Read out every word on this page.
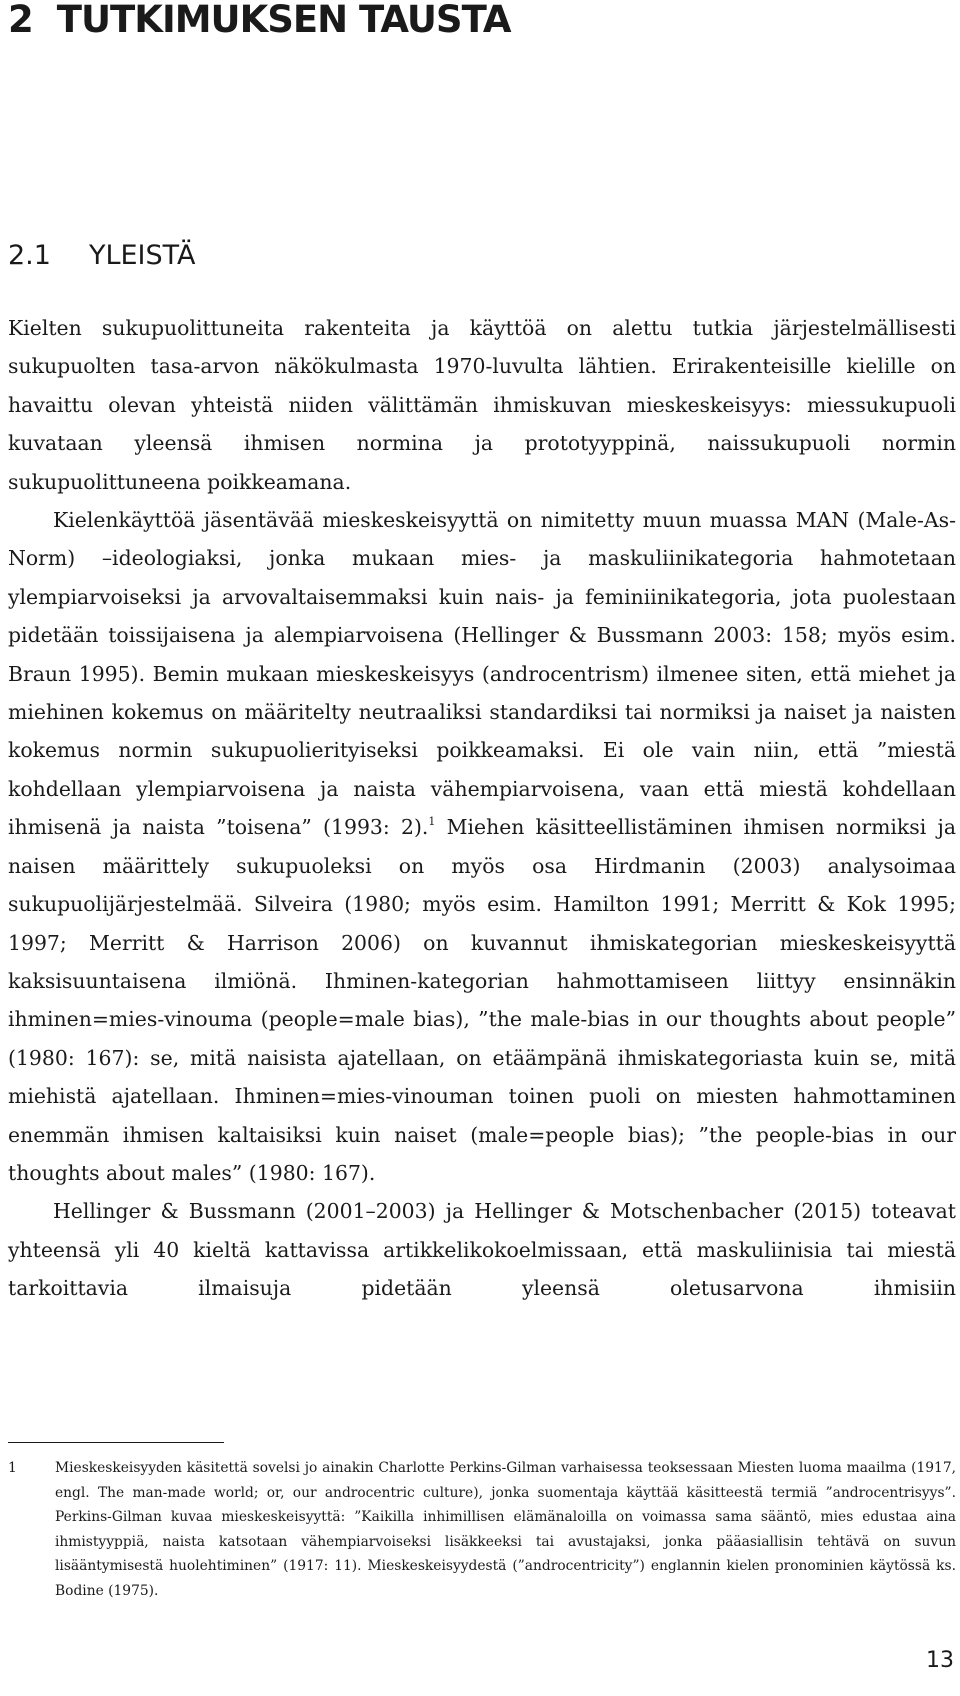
2 TUTKIMUKSEN TAUSTA
2.1 YLEISTÄ

Kielten sukupuolittuneita rakenteita ja käyttöä on alettu tutkia järjestelmällisesti sukupuolten tasa-arvon näkökulmasta 1970-luvulta lähtien. Erirakenteisille kielille on havaittu olevan yhteistä niiden välittämän ihmiskuvan mieskeskeisyys: miessukupuoli kuvataan yleensä ihmisen normina ja prototyyppinä, naissukupuoli normin sukupuolittuneena poikkeamana.

Kielenkäyttöä jäsentävää mieskeskeisyyttä on nimitetty muun muassa MAN (Male-As-Norm) –ideologiaksi, jonka mukaan mies- ja maskuliinikategoria hahmotetaan ylempiarvoiseksi ja arvovaltaisemmaksi kuin nais- ja feminiinikategoria, jota puolestaan pidetään toissijaisena ja alempiarvoisena (Hellinger & Bussmann 2003: 158; myös esim. Braun 1995). Bemin mukaan mieskeskeisyys (androcentrism) ilmenee siten, että miehet ja miehinen kokemus on määritelty neutraaliksi standardiksi tai normiksi ja naiset ja naisten kokemus normin sukupuolierityiseksi poikkeamaksi. Ei ole vain niin, että ”miestä kohdellaan ylempiarvoisena ja naista vähempiarvoisena, vaan että miestä kohdellaan ihmisenä ja naista ”toisena” (1993: 2).$^1$ Miehen käsitteellistäminen ihmisen normiksi ja naisen määrittely sukupuoleksi on myös osa Hirdmanin (2003) analysoimaa sukupuolijärjestelmää. Silveira (1980; myös esim. Hamilton 1991; Merritt & Kok 1995; 1997; Merritt & Harrison 2006) on kuvannut ihmiskategorian mieskeskeisyyttä kaksisuuntaisena ilmiönä. Ihminen-kategorian hahmottamiseen liittyy ensinnäkin ihminen=mies-vinouma (people=male bias), ”the male-bias in our thoughts about people” (1980: 167): se, mitä naisista ajatellaan, on etäämpänä ihmiskategoriasta kuin se, mitä miehistä ajatellaan. Ihminen=mies-vinouman toinen puoli on miesten hahmottaminen enemmän ihmisen kaltaisiksi kuin naiset (male=people bias); ”the people-bias in our thoughts about males” (1980: 167).

Hellinger & Bussmann (2001–2003) ja Hellinger & Motschenbacher (2015) toteavat yhteensä yli 40 kieltä kattavissa artikkelikokoelmissaan, että maskuliinisia tai miestä tarkoittavia ilmaisuja pidetään yleensä oletusarvona ihmisiin

1	Mieskeskeisyyden käsitettä sovelsi jo ainakin Charlotte Perkins-Gilman varhaisessa teoksessaan Miesten luoma maailma (1917, engl. The man-made world; or, our androcentric culture), jonka suomentaja käyttää käsitteestä termiä ”androcentrisyys”. Perkins-Gilman kuvaa mieskeskeisyyttä: ”Kaikilla inhimillisen elämänaloilla on voimassa sama sääntö, mies edustaa aina ihmistyyppiä, naista katsotaan vähempiarvoiseksi lisäkkeeksi tai avustajaksi, jonka pääasiallisin tehtävä on suvun lisääntymisestä huolehtiminen” (1917: 11). Mieskeskeisyydestä (”androcentricity”) englannin kielen pronominien käytössä ks. Bodine (1975).
13
